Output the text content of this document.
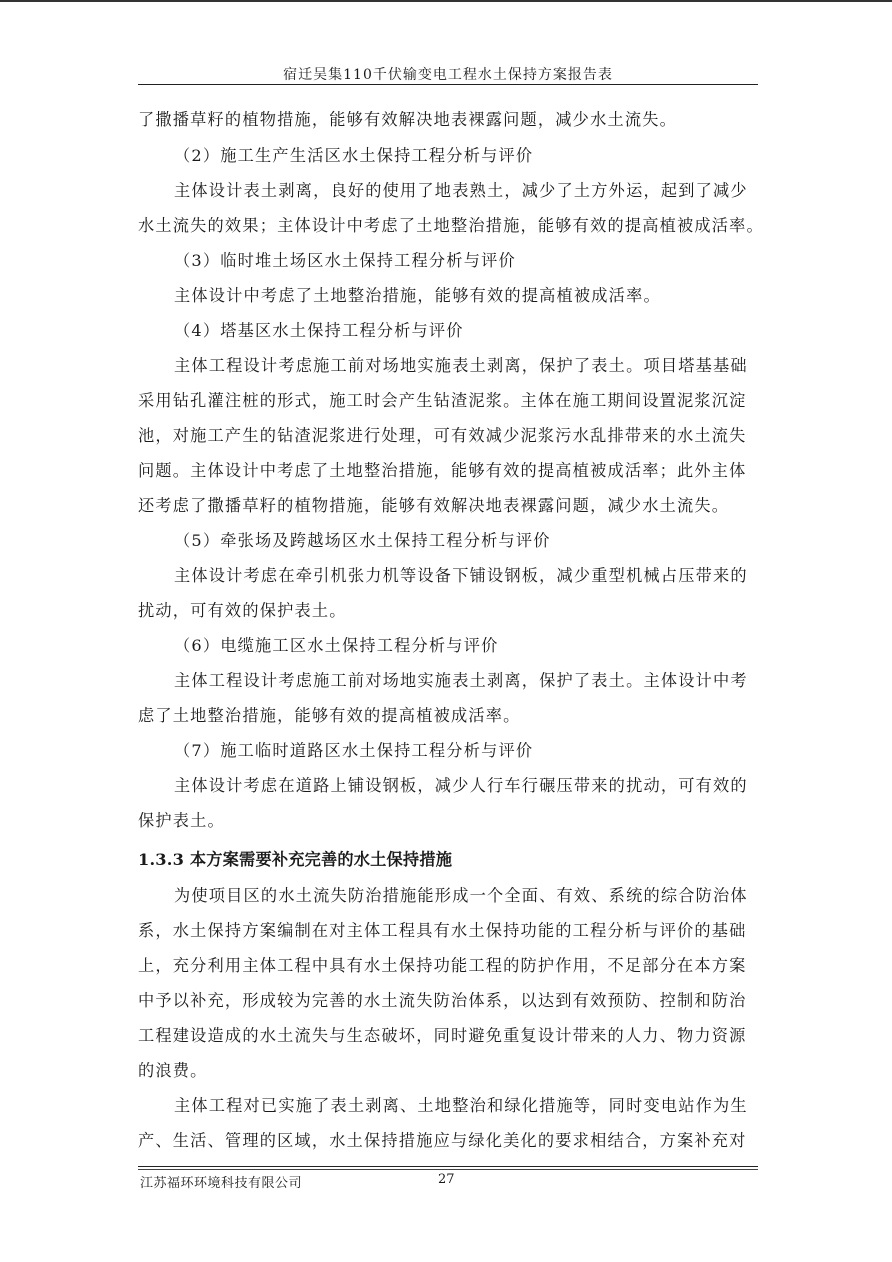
宿迁吴集110千伏输变电工程水土保持方案报告表
了撒播草籽的植物措施，能够有效解决地表裸露问题，减少水土流失。
（2）施工生产生活区水土保持工程分析与评价
主体设计表土剥离，良好的使用了地表熟土，减少了土方外运，起到了减少
水土流失的效果；主体设计中考虑了土地整治措施，能够有效的提高植被成活率。
（3）临时堆土场区水土保持工程分析与评价
主体设计中考虑了土地整治措施，能够有效的提高植被成活率。
（4）塔基区水土保持工程分析与评价
主体工程设计考虑施工前对场地实施表土剥离，保护了表土。项目塔基基础
采用钻孔灌注桩的形式，施工时会产生钻渣泥浆。主体在施工期间设置泥浆沉淀
池，对施工产生的钻渣泥浆进行处理，可有效减少泥浆污水乱排带来的水土流失
问题。主体设计中考虑了土地整治措施，能够有效的提高植被成活率；此外主体
还考虑了撒播草籽的植物措施，能够有效解决地表裸露问题，减少水土流失。
（5）牵张场及跨越场区水土保持工程分析与评价
主体设计考虑在牵引机张力机等设备下铺设钢板，减少重型机械占压带来的
扰动，可有效的保护表土。
（6）电缆施工区水土保持工程分析与评价
主体工程设计考虑施工前对场地实施表土剥离，保护了表土。主体设计中考
虑了土地整治措施，能够有效的提高植被成活率。
（7）施工临时道路区水土保持工程分析与评价
主体设计考虑在道路上铺设钢板，减少人行车行碾压带来的扰动，可有效的
保护表土。
1.3.3 本方案需要补充完善的水土保持措施
为使项目区的水土流失防治措施能形成一个全面、有效、系统的综合防治体
系，水土保持方案编制在对主体工程具有水土保持功能的工程分析与评价的基础
上，充分利用主体工程中具有水土保持功能工程的防护作用，不足部分在本方案
中予以补充，形成较为完善的水土流失防治体系，以达到有效预防、控制和防治
工程建设造成的水土流失与生态破坏，同时避免重复设计带来的人力、物力资源
的浪费。
主体工程对已实施了表土剥离、土地整治和绿化措施等，同时变电站作为生
产、生活、管理的区域，水土保持措施应与绿化美化的要求相结合，方案补充对
江苏福环环境科技有限公司	27
